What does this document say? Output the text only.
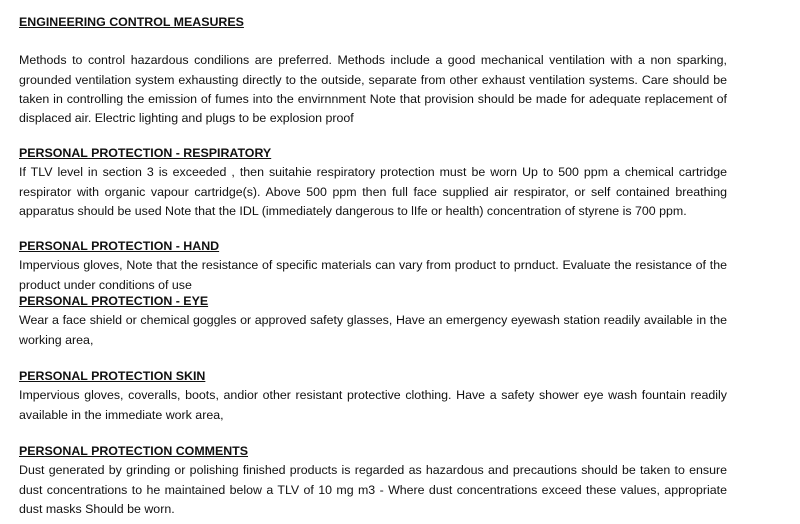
ENGINEERING CONTROL MEASURES

Methods to control hazardous condilions are preferred. Methods include a good mechanical ventilation with a non sparking, grounded ventilation system exhausting directly to the outside, separate from other exhaust ventilation systems. Care should be taken in controlling the emission of fumes into the envirnnment Note that provision should be made for adequate replacement of displaced air. Electric lighting and plugs to be explosion proof

PERSONAL PROTECTION - RESPIRATORY

If TLV level in section 3 is exceeded , then suitahie respiratory protection must be worn Up to 500 ppm a chemical cartridge respirator with organic vapour cartridge(s). Above 500 ppm then full face supplied air respirator, or self contained breathing apparatus should be used Note that the IDL (immediately dangerous to lIfe or health) concentration of styrene is 700 ppm.

PERSONAL PROTECTION - HAND

Impervious gloves, Note that the resistance of specific materials can vary from product to prnduct. Evaluate the resistance of the product under conditions of use

PERSONAL PROTECTION - EYE

Wear a face shield or chemical goggles or approved safety glasses, Have an emergency eyewash station readily available in the working area,

PERSONAL PROTECTION SKIN

Impervious gloves, coveralls, boots, andior other resistant protective clothing. Have a safety shower eye wash fountain readily available in the immediate work area,

PERSONAL PROTECTION COMMENTS

Dust generated by grinding or polishing finished products is regarded as hazardous and precautions should be taken to ensure dust concentrations to he maintained below a TLV of 10 mg m3 - Where dust concentrations exceed these values, appropriate dust masks Should be worn.
